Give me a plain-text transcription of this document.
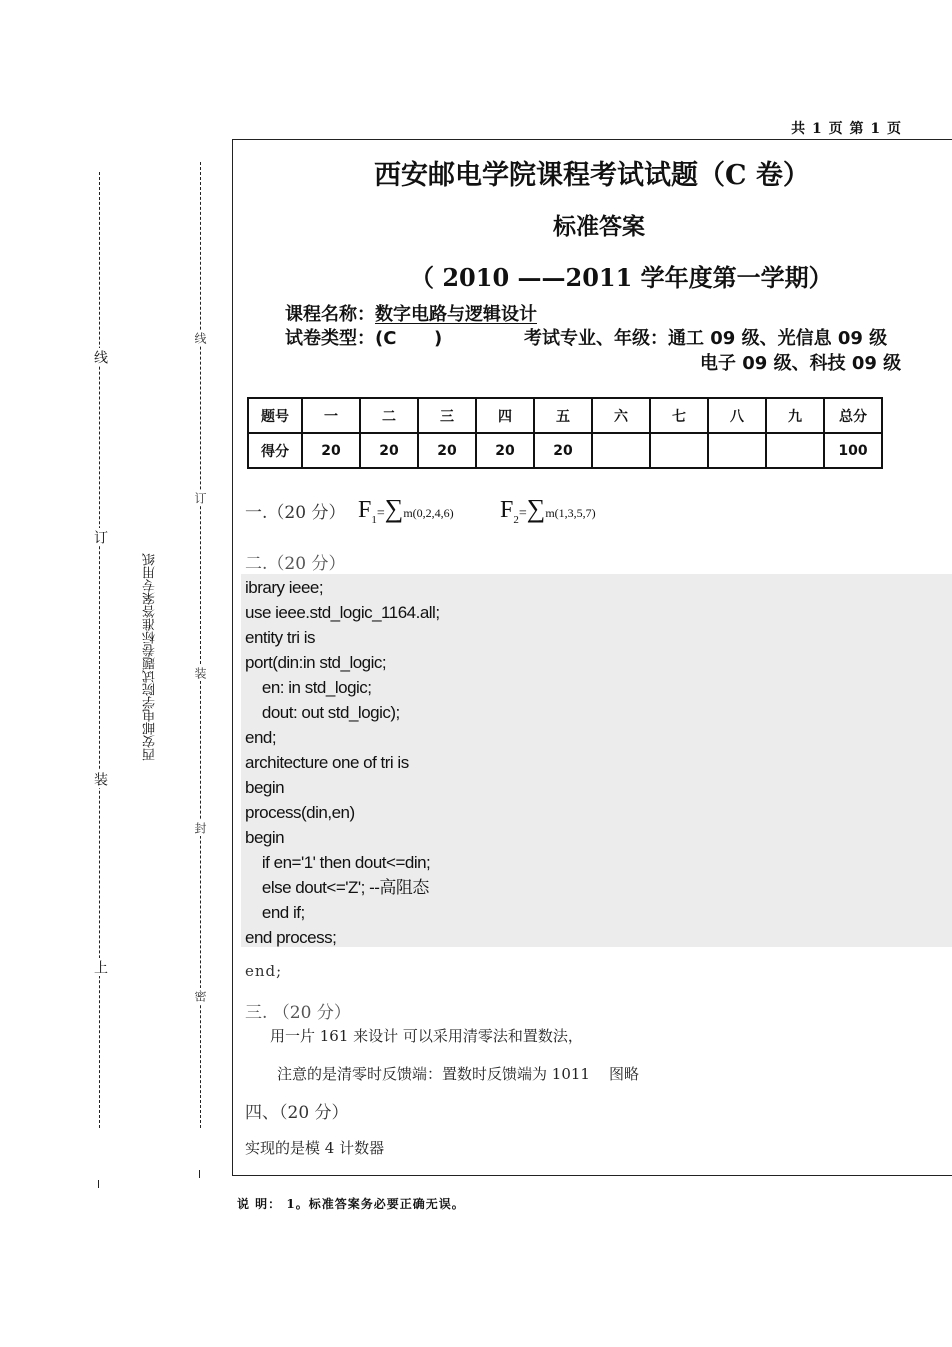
线
订
装
上
线
订
装
封
密
西安邮电学院试题卷标准答案专用纸
共 1 页 第 1 页
西安邮电学院课程考试试题（C 卷）
标准答案
（ 2010 ——2011 学年度第一学期）
课程名称：数字电路与逻辑设计
试卷类型：(C      )	考试专业、年级：通工 09 级、光信息 09 级
电子 09 级、科技 09 级
题号	一	二	三	四	五	六	七	八	九	总分
得分	20	20	20	20	20					100
一.（20 分） $F_1=\sum m(0,2,4,6)$ $F_2=\sum m(1,3,5,7)$
二.（20 分）
ibrary ieee;
use ieee.std_logic_1164.all;
entity tri is
port(din:in std_logic;
en: in std_logic;
dout: out std_logic);
end;
architecture one of tri is
begin
process(din,en)
begin
if en='1' then dout<=din;
else dout<='Z'; --高阻态
end if;
end process;
end;
三. （20 分）
用一片 161 来设计 可以采用清零法和置数法，
注意的是清零时反馈端：置数时反馈端为 1011    图略
四、（20 分）
实现的是模 4 计数器
说 明： 1。标准答案务必要正确无误。
